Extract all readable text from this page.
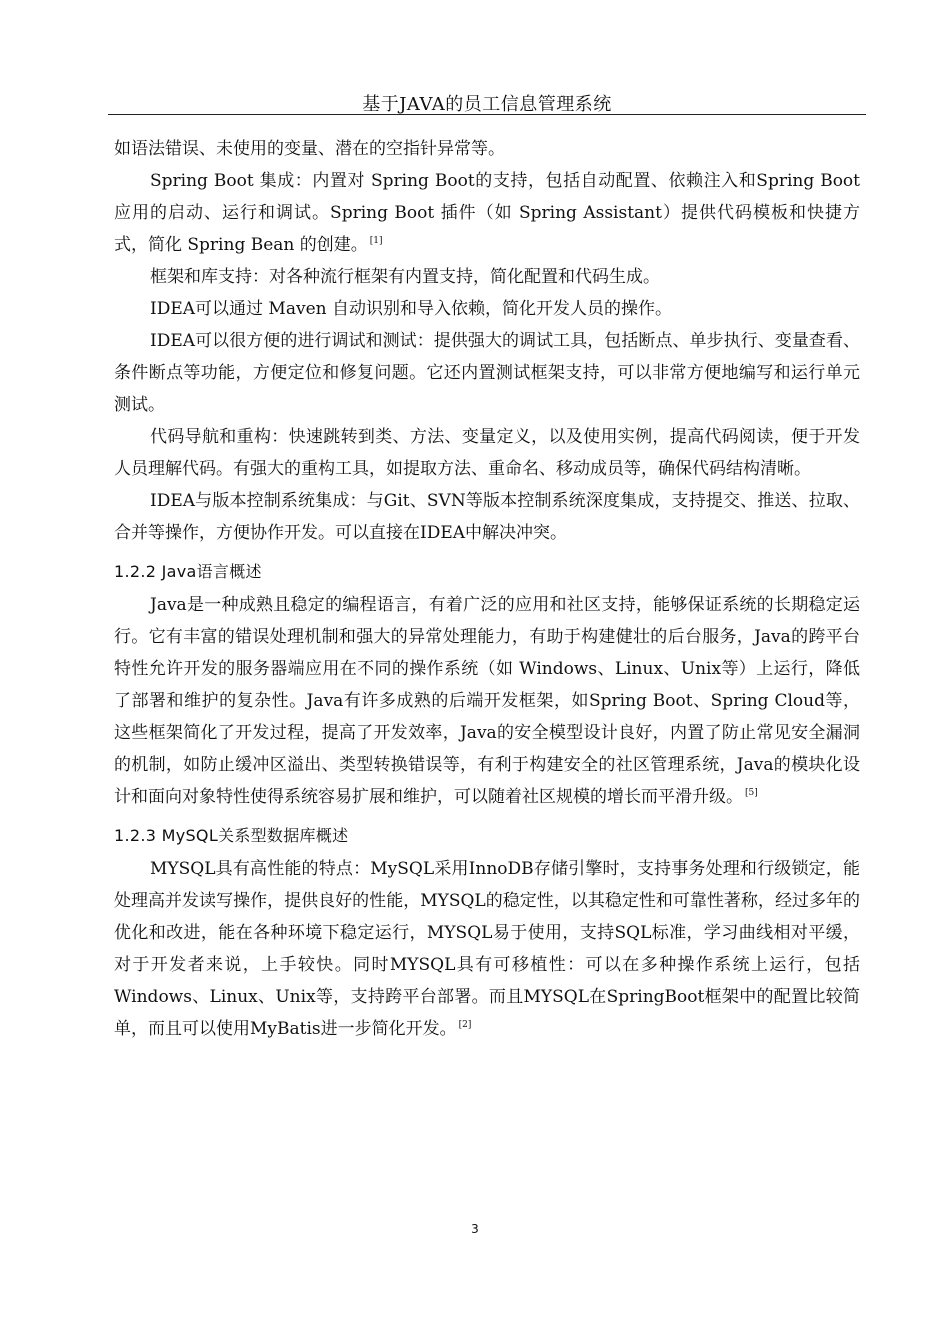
基于JAVA的员工信息管理系统

如语法错误、未使用的变量、潜在的空指针异常等。

Spring Boot 集成：内置对 Spring Boot的支持，包括自动配置、依赖注入和Spring Boot 应用的启动、运行和调试。Spring Boot 插件（如 Spring Assistant）提供代码模板和快捷方式，简化 Spring Bean 的创建。 [1]

框架和库支持：对各种流行框架有内置支持，简化配置和代码生成。

IDEA可以通过 Maven 自动识别和导入依赖，简化开发人员的操作。

IDEA可以很方便的进行调试和测试：提供强大的调试工具，包括断点、单步执行、变量查看、条件断点等功能，方便定位和修复问题。它还内置测试框架支持，可以非常方便地编写和运行单元测试。

代码导航和重构：快速跳转到类、方法、变量定义，以及使用实例，提高代码阅读，便于开发人员理解代码。有强大的重构工具，如提取方法、重命名、移动成员等，确保代码结构清晰。

IDEA与版本控制系统集成：与Git、SVN等版本控制系统深度集成，支持提交、推送、拉取、合并等操作，方便协作开发。可以直接在IDEA中解决冲突。

1.2.2 Java语言概述

Java是一种成熟且稳定的编程语言，有着广泛的应用和社区支持，能够保证系统的长期稳定运行。它有丰富的错误处理机制和强大的异常处理能力，有助于构建健壮的后台服务，Java的跨平台特性允许开发的服务器端应用在不同的操作系统（如 Windows、Linux、Unix等）上运行，降低了部署和维护的复杂性。Java有许多成熟的后端开发框架，如Spring Boot、Spring Cloud等，这些框架简化了开发过程，提高了开发效率，Java的安全模型设计良好，内置了防止常见安全漏洞的机制，如防止缓冲区溢出、类型转换错误等，有利于构建安全的社区管理系统，Java的模块化设计和面向对象特性使得系统容易扩展和维护，可以随着社区规模的增长而平滑升级。 [5]

1.2.3 MySQL关系型数据库概述

MYSQL具有高性能的特点：MySQL采用InnoDB存储引擎时，支持事务处理和行级锁定，能处理高并发读写操作，提供良好的性能，MYSQL的稳定性，以其稳定性和可靠性著称，经过多年的优化和改进，能在各种环境下稳定运行，MYSQL易于使用，支持SQL标准，学习曲线相对平缓，对于开发者来说，上手较快。同时MYSQL具有可移植性：可以在多种操作系统上运行，包括Windows、Linux、Unix等，支持跨平台部署。而且MYSQL在SpringBoot框架中的配置比较简单，而且可以使用MyBatis进一步简化开发。 [2]

3
